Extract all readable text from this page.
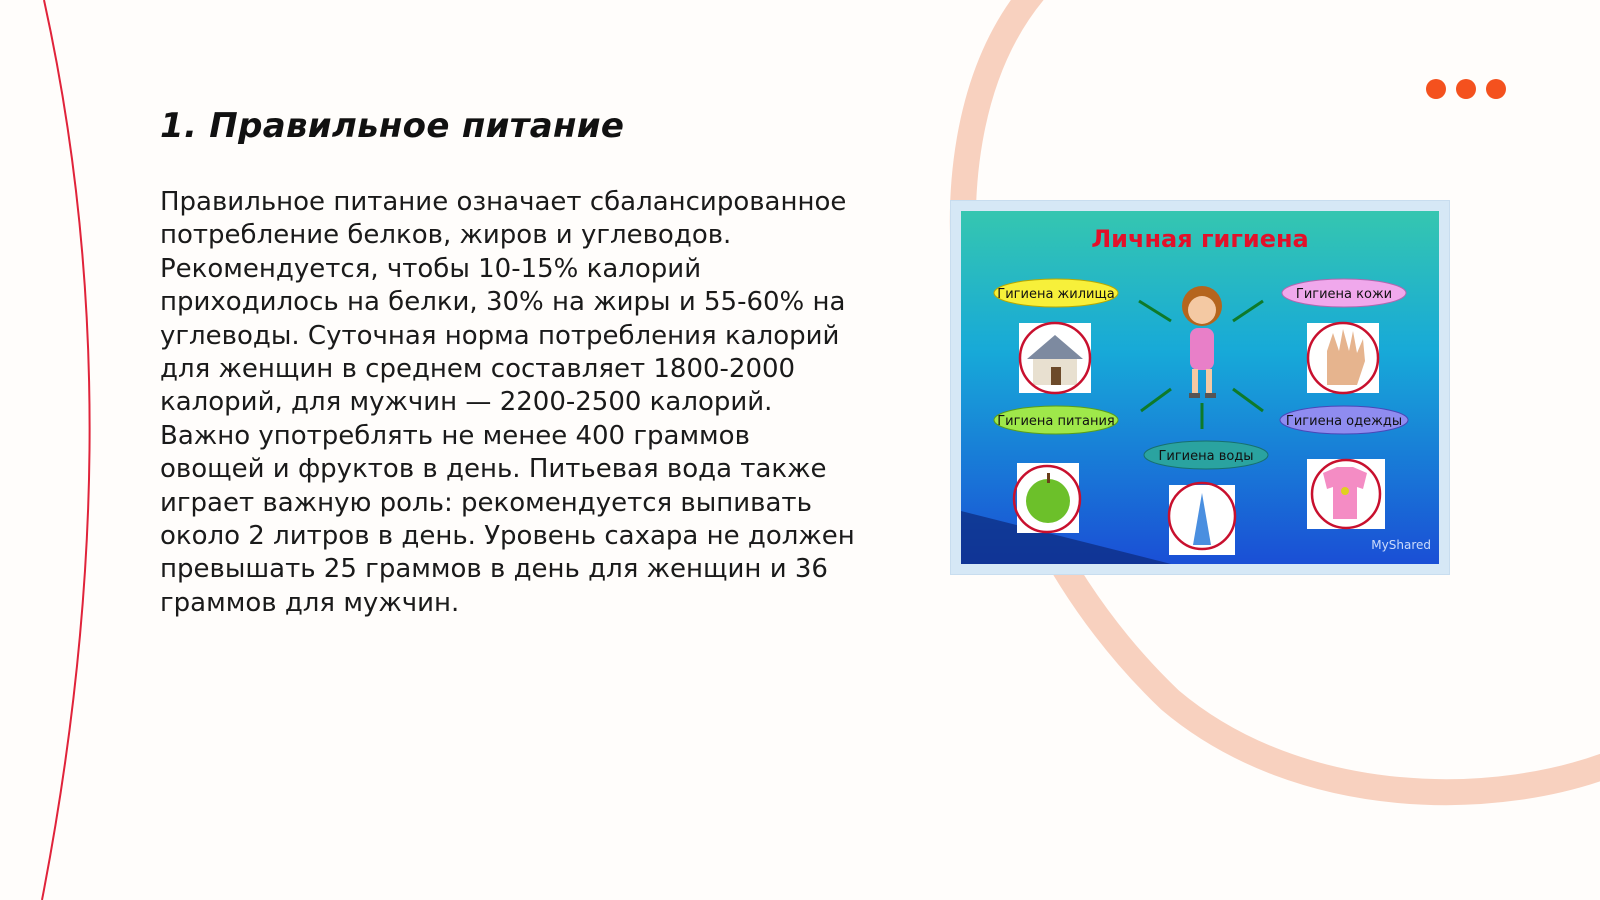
1. Правильное питание

Правильное питание означает сбалансированное потребление белков, жиров и углеводов. Рекомендуется, чтобы 10-15% калорий приходилось на белки, 30% на жиры и 55-60% на углеводы. Суточная норма потребления калорий для женщин в среднем составляет 1800-2000 калорий, для мужчин — 2200-2500 калорий. Важно употреблять не менее 400 граммов овощей и фруктов в день. Питьевая вода также играет важную роль: рекомендуется выпивать около 2 литров в день. Уровень сахара не должен превышать 25 граммов в день для женщин и 36 граммов для мужчин.

Личная гигиена
Гигиена жилища	Гигиена кожи
Гигиена питания	Гигиена одежды
Гигиена воды
MyShared
